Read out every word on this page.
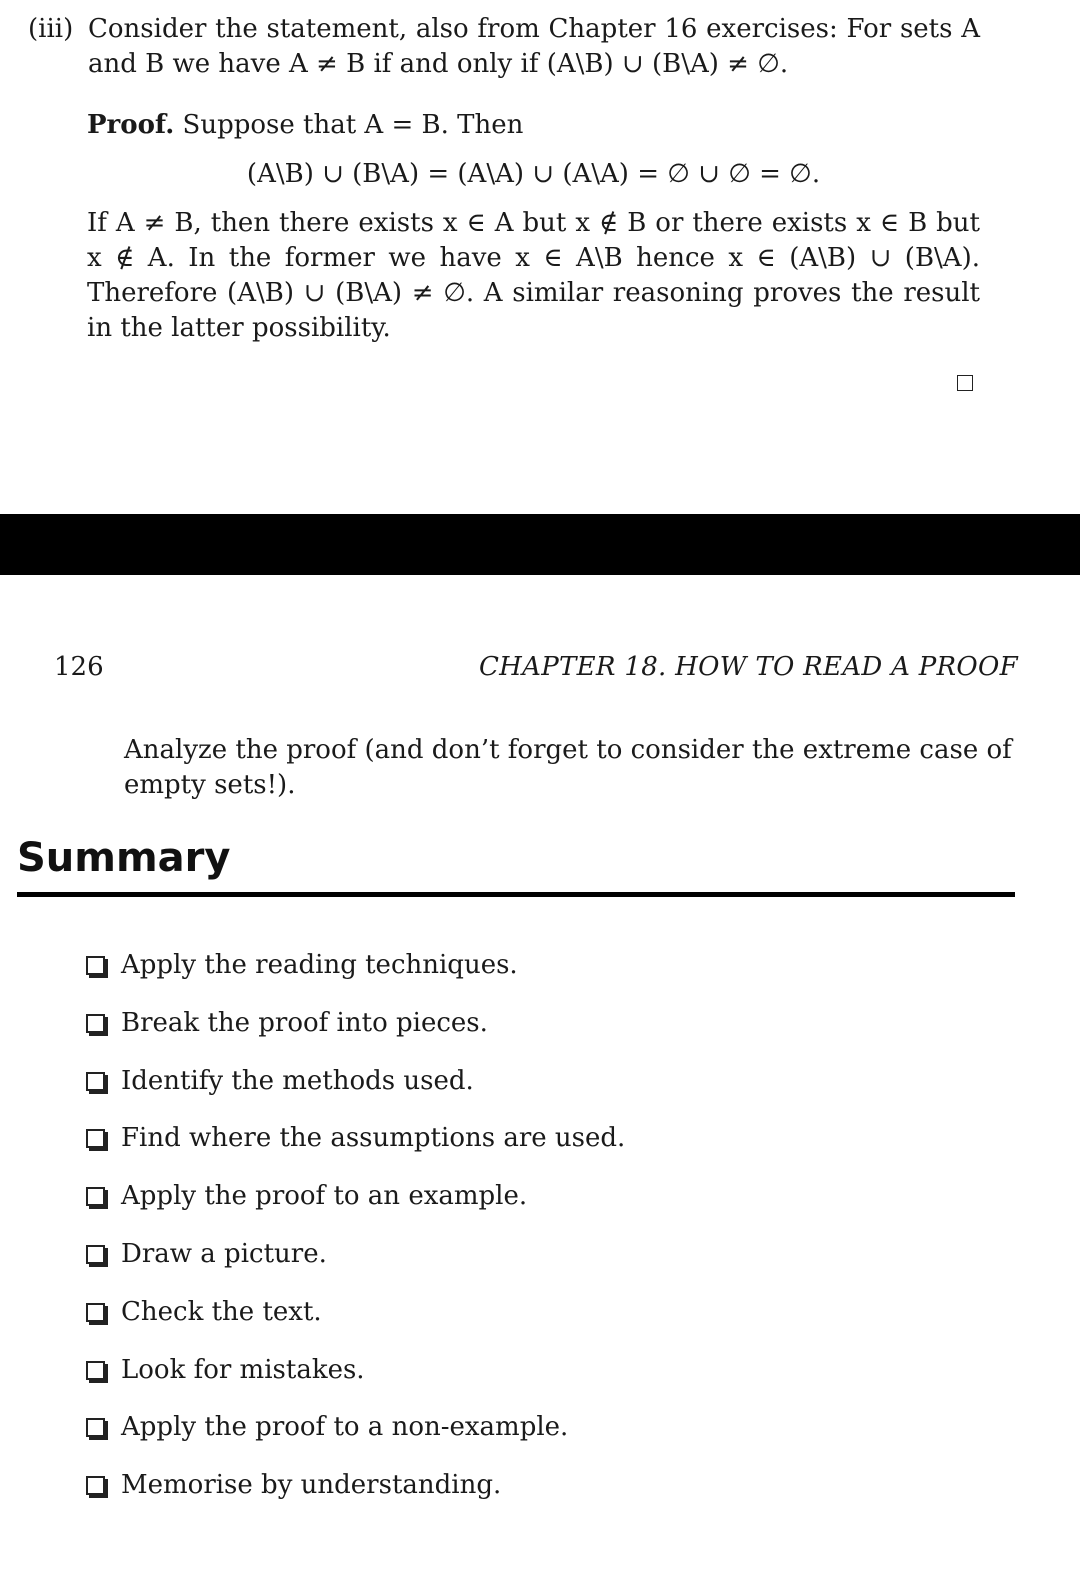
(iii) Consider the statement, also from Chapter 16 exercises: For sets A and B we have A ≠ B if and only if (A\B) ∪ (B\A) ≠ ∅.
Proof. Suppose that A = B. Then
(A\B) ∪ (B\A) = (A\A) ∪ (A\A) = ∅ ∪ ∅ = ∅.
If A ≠ B, then there exists x ∈ A but x ∉ B or there exists x ∈ B but x ∉ A. In the former we have x ∈ A\B hence x ∈ (A\B) ∪ (B\A). Therefore (A\B) ∪ (B\A) ≠ ∅. A similar reasoning proves the result in the latter possibility.
126	CHAPTER 18. HOW TO READ A PROOF
Analyze the proof (and don’t forget to consider the extreme case of empty sets!).
Summary
Apply the reading techniques.
Break the proof into pieces.
Identify the methods used.
Find where the assumptions are used.
Apply the proof to an example.
Draw a picture.
Check the text.
Look for mistakes.
Apply the proof to a non-example.
Memorise by understanding.
